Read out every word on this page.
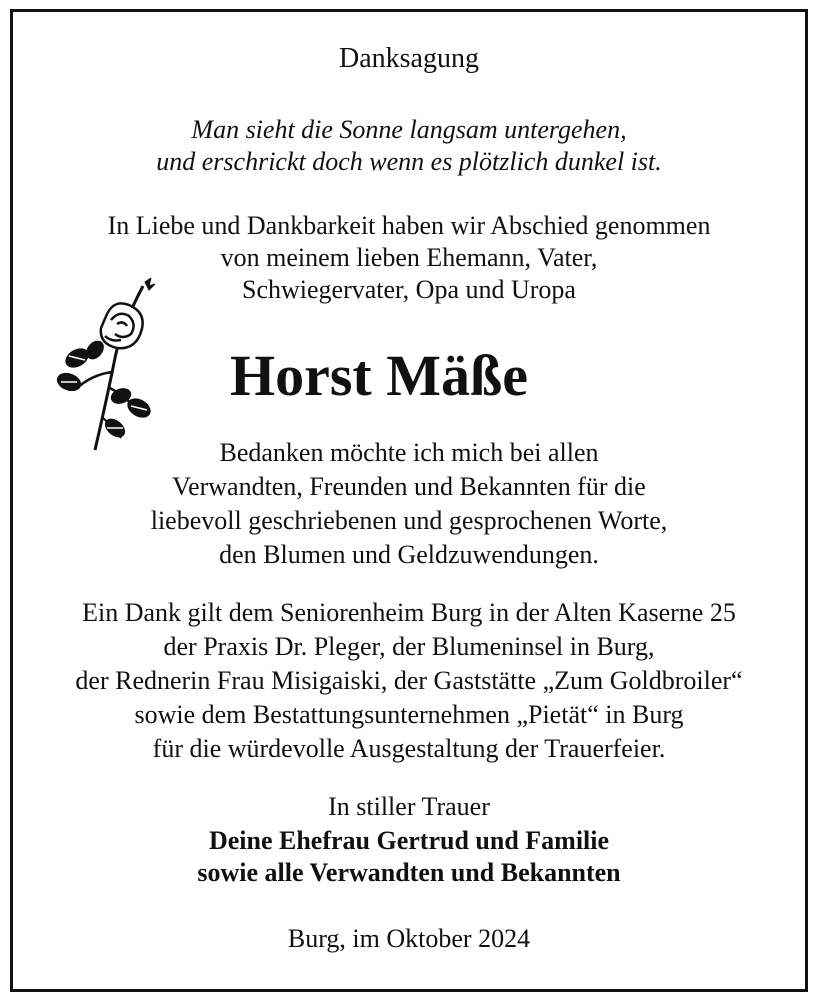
Danksagung
Man sieht die Sonne langsam untergehen,
und erschrickt doch wenn es plötzlich dunkel ist.
In Liebe und Dankbarkeit haben wir Abschied genommen
von meinem lieben Ehemann, Vater,
Schwiegervater, Opa und Uropa
Horst Mäße
Bedanken möchte ich mich bei allen
Verwandten, Freunden und Bekannten für die
liebevoll geschriebenen und gesprochenen Worte,
den Blumen und Geldzuwendungen.
Ein Dank gilt dem Seniorenheim Burg in der Alten Kaserne 25
der Praxis Dr. Pleger, der Blumeninsel in Burg,
der Rednerin Frau Misigaiski, der Gaststätte „Zum Goldbroiler“
sowie dem Bestattungsunternehmen „Pietät“ in Burg
für die würdevolle Ausgestaltung der Trauerfeier.
In stiller Trauer
Deine Ehefrau Gertrud und Familie
sowie alle Verwandten und Bekannten
Burg, im Oktober 2024
